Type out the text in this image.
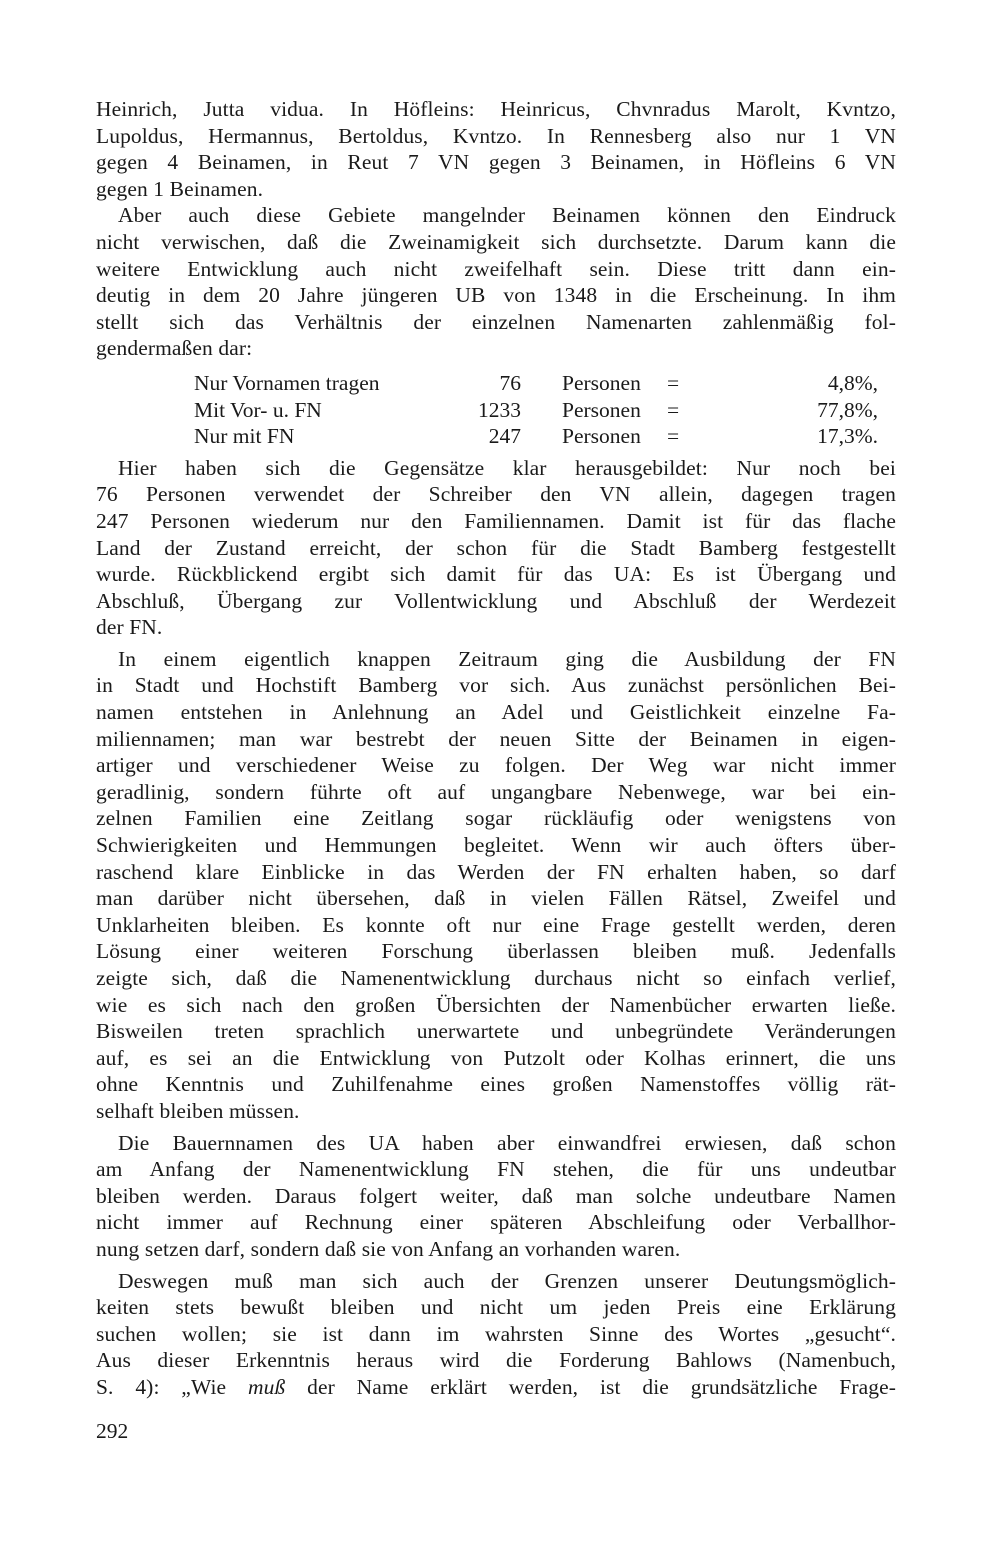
Heinrich, Jutta vidua. In Höfleins: Heinricus, Chvnradus Marolt, Kvntzo,
Lupoldus, Hermannus, Bertoldus, Kvntzo. In Rennesberg also nur 1 VN
gegen 4 Beinamen, in Reut 7 VN gegen 3 Beinamen, in Höfleins 6 VN
gegen 1 Beinamen.

Aber auch diese Gebiete mangelnder Beinamen können den Eindruck
nicht verwischen, daß die Zweinamigkeit sich durchsetzte. Darum kann die
weitere Entwicklung auch nicht zweifelhaft sein. Diese tritt dann ein-
deutig in dem 20 Jahre jüngeren UB von 1348 in die Erscheinung. In ihm
stellt sich das Verhältnis der einzelnen Namenarten zahlenmäßig fol-
gendermaßen dar:

Nur Vornamen tragen	76 Personen =	4,8%,
Mit Vor- u. FN	1233 Personen =	77,8%,
Nur mit FN	247 Personen =	17,3%.

Hier haben sich die Gegensätze klar herausgebildet: Nur noch bei
76 Personen verwendet der Schreiber den VN allein, dagegen tragen
247 Personen wiederum nur den Familiennamen. Damit ist für das flache
Land der Zustand erreicht, der schon für die Stadt Bamberg festgestellt
wurde. Rückblickend ergibt sich damit für das UA: Es ist Übergang und
Abschluß, Übergang zur Vollentwicklung und Abschluß der Werdezeit
der FN.

In einem eigentlich knappen Zeitraum ging die Ausbildung der FN
in Stadt und Hochstift Bamberg vor sich. Aus zunächst persönlichen Bei-
namen entstehen in Anlehnung an Adel und Geistlichkeit einzelne Fa-
miliennamen; man war bestrebt der neuen Sitte der Beinamen in eigen-
artiger und verschiedener Weise zu folgen. Der Weg war nicht immer
geradlinig, sondern führte oft auf ungangbare Nebenwege, war bei ein-
zelnen Familien eine Zeitlang sogar rückläufig oder wenigstens von
Schwierigkeiten und Hemmungen begleitet. Wenn wir auch öfters über-
raschend klare Einblicke in das Werden der FN erhalten haben, so darf
man darüber nicht übersehen, daß in vielen Fällen Rätsel, Zweifel und
Unklarheiten bleiben. Es konnte oft nur eine Frage gestellt werden, deren
Lösung einer weiteren Forschung überlassen bleiben muß. Jedenfalls
zeigte sich, daß die Namenentwicklung durchaus nicht so einfach verlief,
wie es sich nach den großen Übersichten der Namenbücher erwarten ließe.
Bisweilen treten sprachlich unerwartete und unbegründete Veränderungen
auf, es sei an die Entwicklung von Putzolt oder Kolhas erinnert, die uns
ohne Kenntnis und Zuhilfenahme eines großen Namenstoffes völlig rät-
selhaft bleiben müssen.

Die Bauernnamen des UA haben aber einwandfrei erwiesen, daß schon
am Anfang der Namenentwicklung FN stehen, die für uns undeutbar
bleiben werden. Daraus folgert weiter, daß man solche undeutbare Namen
nicht immer auf Rechnung einer späteren Abschleifung oder Verballhor-
nung setzen darf, sondern daß sie von Anfang an vorhanden waren.

Deswegen muß man sich auch der Grenzen unserer Deutungsmöglich-
keiten stets bewußt bleiben und nicht um jeden Preis eine Erklärung
suchen wollen; sie ist dann im wahrsten Sinne des Wortes „gesucht“.
Aus dieser Erkenntnis heraus wird die Forderung Bahlows (Namenbuch,
S. 4): „Wie muß der Name erklärt werden, ist die grundsätzliche Frage-

292
